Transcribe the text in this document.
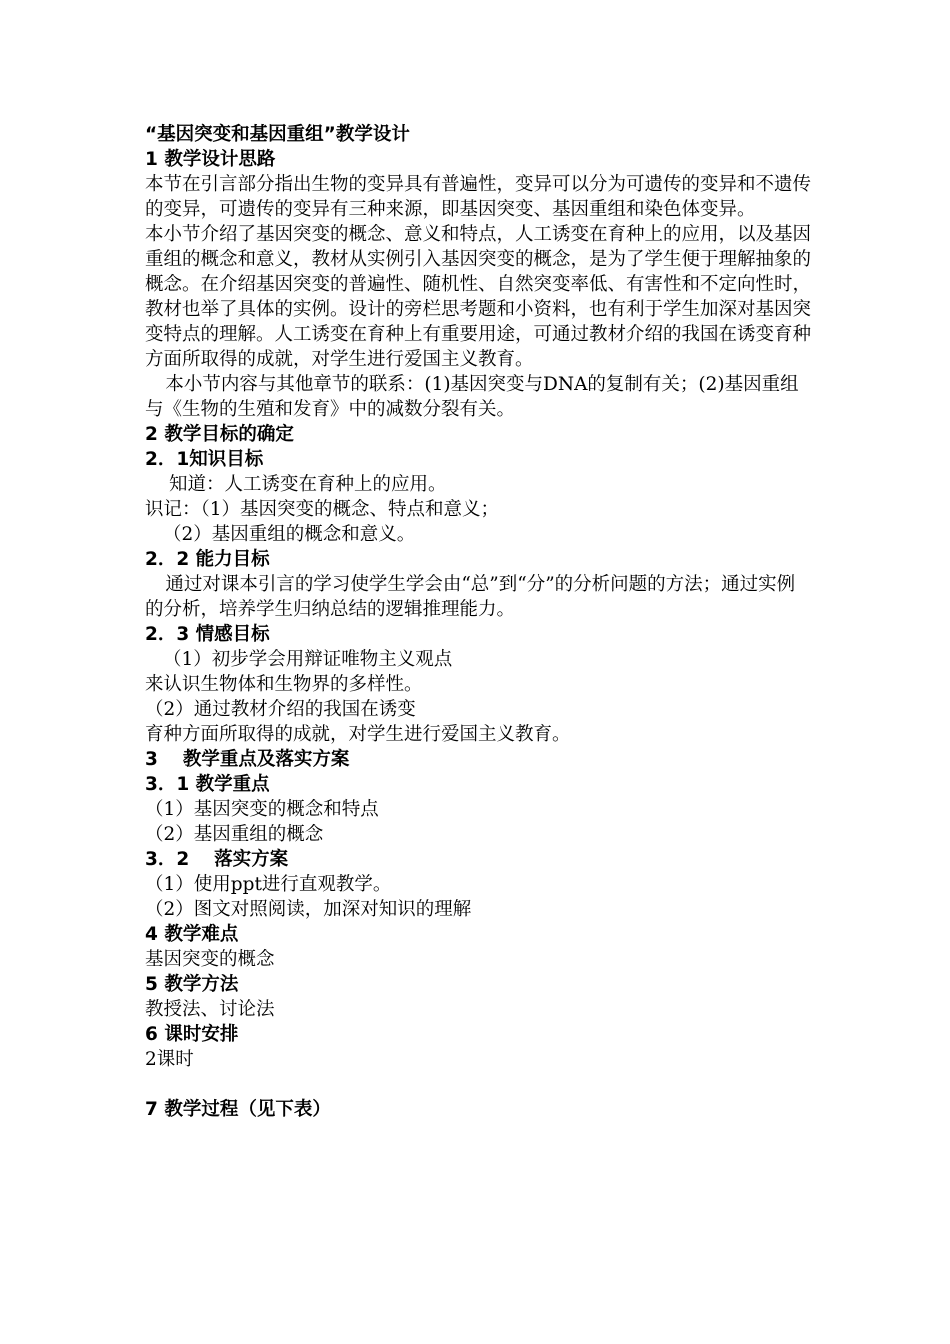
“基因突变和基因重组”教学设计
1 教学设计思路
本节在引言部分指出生物的变异具有普遍性，变异可以分为可遗传的变异和不遗传的变异，可遗传的变异有三种来源，即基因突变、基因重组和染色体变异。
本小节介绍了基因突变的概念、意义和特点，人工诱变在育种上的应用，以及基因重组的概念和意义，教材从实例引入基因突变的概念，是为了学生便于理解抽象的概念。在介绍基因突变的普遍性、随机性、自然突变率低、有害性和不定向性时，教材也举了具体的实例。设计的旁栏思考题和小资料，也有利于学生加深对基因突变特点的理解。人工诱变在育种上有重要用途，可通过教材介绍的我国在诱变育种方面所取得的成就，对学生进行爱国主义教育。
本小节内容与其他章节的联系：(1)基因突变与DNA的复制有关；(2)基因重组与《生物的生殖和发育》中的减数分裂有关。
2 教学目标的确定
2．1知识目标
知道：人工诱变在育种上的应用。
识记：（1）基因突变的概念、特点和意义；
（2）基因重组的概念和意义。
2．2 能力目标
通过对课本引言的学习使学生学会由“总”到“分”的分析问题的方法；通过实例的分析，培养学生归纳总结的逻辑推理能力。
2．3 情感目标
（1）初步学会用辩证唯物主义观点
来认识生物体和生物界的多样性。
（2）通过教材介绍的我国在诱变
育种方面所取得的成就，对学生进行爱国主义教育。
3　 教学重点及落实方案
3．1 教学重点
（1）基因突变的概念和特点
（2）基因重组的概念
3．2　 落实方案
（1）使用ppt进行直观教学。
（2）图文对照阅读，加深对知识的理解
4 教学难点
基因突变的概念
5 教学方法
教授法、讨论法
6 课时安排
2课时
7 教学过程（见下表）
